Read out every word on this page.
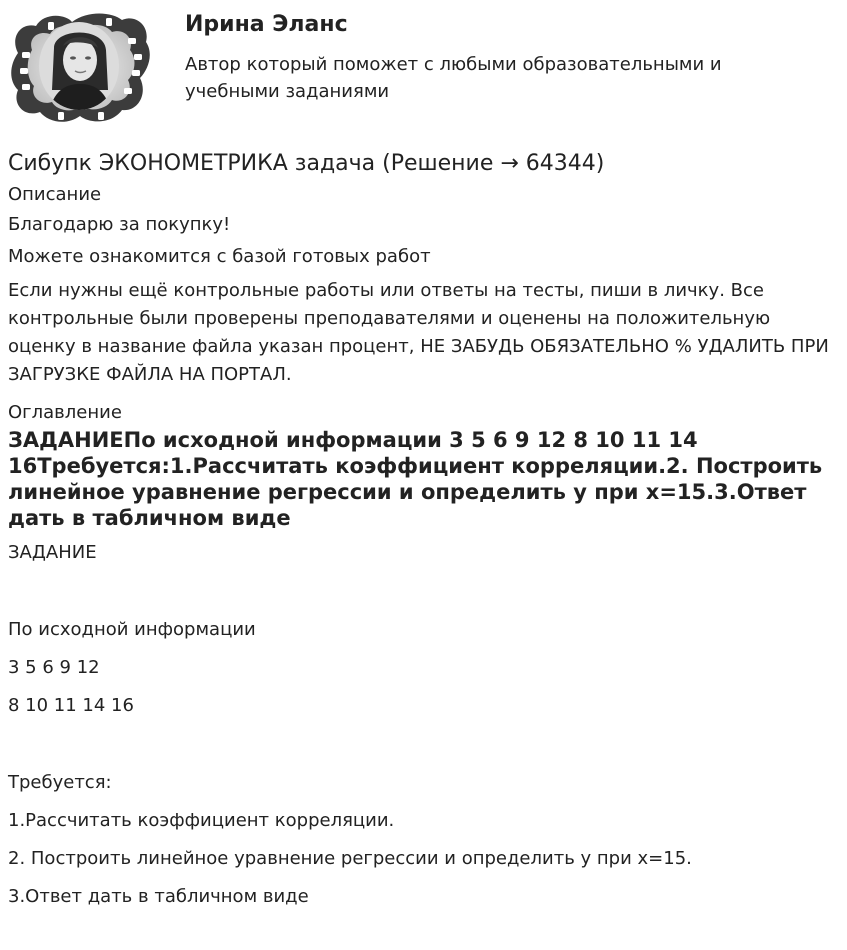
Ирина Эланс
Автор который поможет с любыми образовательными и учебными заданиями
Сибупк ЭКОНОМЕТРИКА задача (Решение → 64344)
Описание

Благодарю за покупку!

Можете ознакомится с базой готовых работ

Если нужны ещё контрольные работы или ответы на тесты, пиши в личку. Все контрольные были проверены преподавателями и оценены на положительную оценку в название файла указан процент, НЕ ЗАБУДЬ ОБЯЗАТЕЛЬНО % УДАЛИТЬ ПРИ ЗАГРУЗКЕ ФАЙЛА НА ПОРТАЛ.

Оглавление
ЗАДАНИЕПо исходной информации 3 5 6 9 12 8 10 11 14 16Требуется:1.Рассчитать коэффициент корреляции.2. Построить линейное уравнение регрессии и определить у при х=15.3.Ответ дать в табличном виде
ЗАДАНИЕ
По исходной информации
3 5 6 9 12
8 10 11 14 16
Требуется:
1.Рассчитать коэффициент корреляции.
2. Построить линейное уравнение регрессии и определить у при х=15.
3.Ответ дать в табличном виде
